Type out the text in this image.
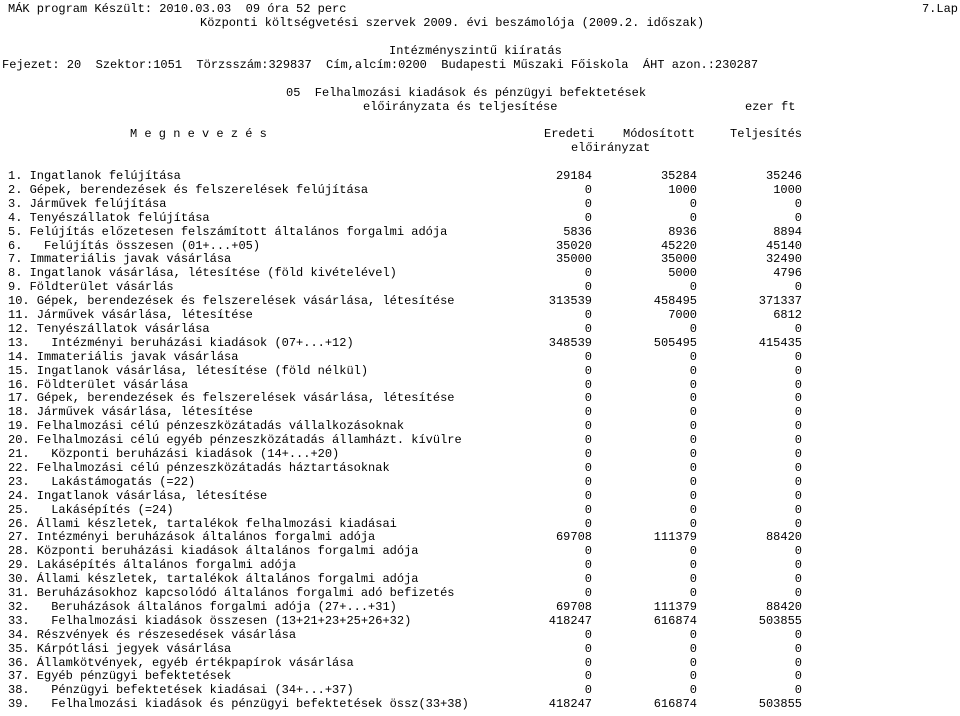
MÁK program Készült: 2010.03.03  09 óra 52 perc	7.Lap
Központi költségvetési szervek 2009. évi beszámolója (2009.2. időszak)
Intézményszintű kiíratás
Fejezet: 20  Szektor:1051  Törzsszám:329837  Cím,alcím:0200  Budapesti Műszaki Főiskola  ÁHT azon.:230287
05  Felhalmozási kiadások és pénzügyi befektetések
előirányzata és teljesítése	ezer ft
M e g n e v e z é s	Eredeti Módosított	Teljesítés
előirányzat
1. Ingatlanok felújítása	29184	35284	35246
2. Gépek, berendezések és felszerelések felújítása	0	1000	1000
3. Járművek felújítása	0	0	0
4. Tenyészállatok felújítása	0	0	0
5. Felújítás előzetesen felszámított általános forgalmi adója	5836	8936	8894
6.   Felújítás összesen (01+...+05)	35020	45220	45140
7. Immateriális javak vásárlása	35000	35000	32490
8. Ingatlanok vásárlása, létesítése (föld kivételével)	0	5000	4796
9. Földterület vásárlás	0	0	0
10. Gépek, berendezések és felszerelések vásárlása, létesítése	313539	458495	371337
11. Járművek vásárlása, létesítése	0	7000	6812
12. Tenyészállatok vásárlása	0	0	0
13.   Intézményi beruházási kiadások (07+...+12)	348539	505495	415435
14. Immateriális javak vásárlása	0	0	0
15. Ingatlanok vásárlása, létesítése (föld nélkül)	0	0	0
16. Földterület vásárlása	0	0	0
17. Gépek, berendezések és felszerelések vásárlása, létesítése	0	0	0
18. Járművek vásárlása, létesítése	0	0	0
19. Felhalmozási célú pénzeszközátadás vállalkozásoknak	0	0	0
20. Felhalmozási célú egyéb pénzeszközátadás államházt. kívülre	0	0	0
21.   Központi beruházási kiadások (14+...+20)	0	0	0
22. Felhalmozási célú pénzeszközátadás háztartásoknak	0	0	0
23.   Lakástámogatás (=22)	0	0	0
24. Ingatlanok vásárlása, létesítése	0	0	0
25.   Lakásépítés (=24)	0	0	0
26. Állami készletek, tartalékok felhalmozási kiadásai	0	0	0
27. Intézményi beruházások általános forgalmi adója	69708	111379	88420
28. Központi beruházási kiadások általános forgalmi adója	0	0	0
29. Lakásépítés általános forgalmi adója	0	0	0
30. Állami készletek, tartalékok általános forgalmi adója	0	0	0
31. Beruházásokhoz kapcsolódó általános forgalmi adó befizetés	0	0	0
32.   Beruházások általános forgalmi adója (27+...+31)	69708	111379	88420
33.   Felhalmozási kiadások összesen (13+21+23+25+26+32)	418247	616874	503855
34. Részvények és részesedések vásárlása	0	0	0
35. Kárpótlási jegyek vásárlása	0	0	0
36. Államkötvények, egyéb értékpapírok vásárlása	0	0	0
37. Egyéb pénzügyi befektetések	0	0	0
38.   Pénzügyi befektetések kiadásai (34+...+37)	0	0	0
39.   Felhalmozási kiadások és pénzügyi befektetések össz(33+38)	418247	616874	503855
